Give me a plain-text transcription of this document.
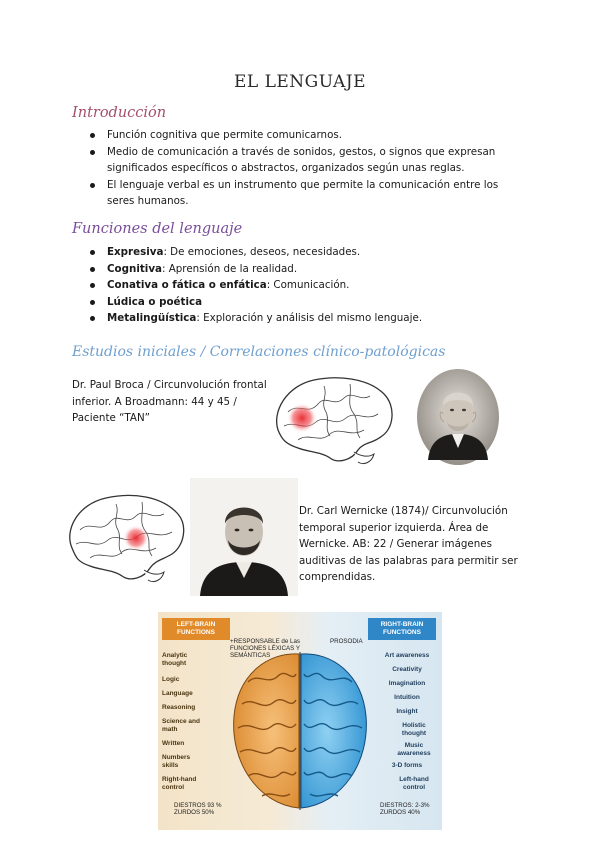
EL LENGUAJE
Introducción
Función cognitiva que permite comunicarnos.
Medio de comunicación a través de sonidos, gestos, o signos que expresan significados específicos o abstractos, organizados según unas reglas.
El lenguaje verbal es un instrumento que permite la comunicación entre los seres humanos.
Funciones del lenguaje
Expresiva: De emociones, deseos, necesidades.
Cognitiva: Aprensión de la realidad.
Conativa o fática o enfática: Comunicación.
Lúdica o poética
Metalingüística: Exploración y análisis del mismo lenguaje.
Estudios iniciales / Correlaciones clínico-patológicas

Dr. Paul Broca / Circunvolución frontal inferior. A Broadmann: 44 y 45 / Paciente “TAN”

Dr. Carl Wernicke (1874)/ Circunvolución temporal superior izquierda. Área de Wernicke. AB: 22 / Generar imágenes auditivas de las palabras para permitir ser comprendidas.

LEFT-BRAIN FUNCTIONS
RIGHT-BRAIN FUNCTIONS
+RESPONSABLE de Las FUNCIONES LÉXICAS Y SEMÁNTICAS
PROSODIA
Analytic thought
Logic
Language
Reasoning
Science and math
Written
Numbers skills
Right-hand control
Art awareness
Creativity
Imagination
Intuition
Insight
Holistic thought
Music awareness
3-D forms
Left-hand control
DIESTROS 93 % ZURDOS 50%
DIESTROS: 2-3% ZURDOS 40%
